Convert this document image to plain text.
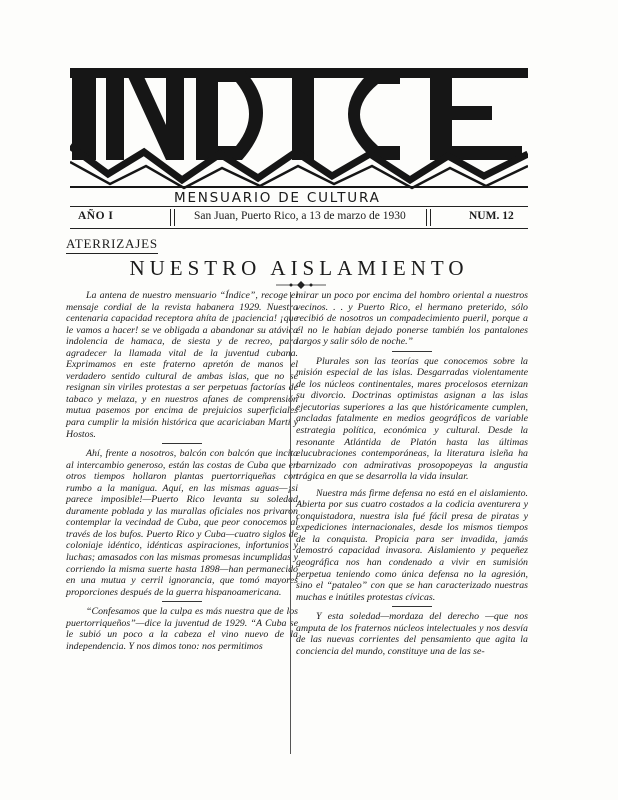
MENSUARIO DE CULTURA
AÑO I	San Juan, Puerto Rico, a 13 de marzo de 1930	NUM. 12
ATERRIZAJES
NUESTRO AISLAMIENTO

La antena de nuestro mensuario “Índice”, recoge el mensaje cordial de la revista habanera 1929. Nuestra centenaria capacidad receptora ahíta de ¡paciencia! ¡que le vamos a hacer! se ve obligada a abandonar su atávica indolencia de hamaca, de siesta y de recreo, para agradecer la llamada vital de la juventud cubana. Exprimamos en este fraterno apretón de manos el verdadero sentido cultural de ambas islas, que no se resignan sin viriles protestas a ser perpetuas factorías de tabaco y melaza, y en nuestros afanes de comprensión mutua pasemos por encima de prejuicios superficiales para cumplir la misión histórica que acariciaban Martí y Hostos.

Ahí, frente a nosotros, balcón con balcón que incita al intercambio generoso, están las costas de Cuba que en otros tiempos hollaron plantas puertorriqueñas con rumbo a la manigua. Aquí, en las mismas aguas—¡si parece imposible!—Puerto Rico levanta su soledad duramente poblada y las murallas oficiales nos privaron contemplar la vecindad de Cuba, que peor conocemos al través de los bufos. Puerto Rico y Cuba—cuatro siglos de coloniaje idéntico, idénticas aspiraciones, infortunios y luchas; amasados con las mismas promesas incumplidas y corriendo la misma suerte hasta 1898—han permanecido en una mutua y cerril ignorancia, que tomó mayores proporciones después de la guerra hispanoamericana.

“Confesamos que la culpa es más nuestra que de los puertorriqueños”—dice la juventud de 1929. “A Cuba se le subió un poco a la cabeza el vino nuevo de la independencia. Y nos dimos tono: nos permitimos

mirar un poco por encima del hombro oriental a nuestros vecinos. . . y Puerto Rico, el hermano preterido, sólo recibió de nosotros un compadecimiento pueril, porque a él no le habían dejado ponerse también los pantalones largos y salir sólo de noche.”

Plurales son las teorías que conocemos sobre la misión especial de las islas. Desgarradas violentamente de los núcleos continentales, mares procelosos eternizan su divorcio. Doctrinas optimistas asignan a las islas ejecutorias superiores a las que históricamente cumplen, ancladas fatalmente en medios geográficos de variable estrategia política, económica y cultural. Desde la resonante Atlántida de Platón hasta las últimas elucubraciones contemporáneas, la literatura isleña ha barnizado con admirativas prosopopeyas la angustia trágica en que se desarrolla la vida insular.

Nuestra más firme defensa no está en el aislamiento. Abierta por sus cuatro costados a la codicia aventurera y conquistadora, nuestra isla fué fácil presa de piratas y expediciones internacionales, desde los mismos tiempos de la conquista. Propicia para ser invadida, jamás demostró capacidad invasora. Aislamiento y pequeñez geográfica nos han condenado a vivir en sumisión perpetua teniendo como única defensa no la agresión, sino el “pataleo” con que se han caracterizado nuestras muchas e inútiles protestas cívicas.

Y esta soledad—mordaza del derecho —que nos amputa de los fraternos núcleos intelectuales y nos desvía de las nuevas corrientes del pensamiento que agita la conciencia del mundo, constituye una de las se-
